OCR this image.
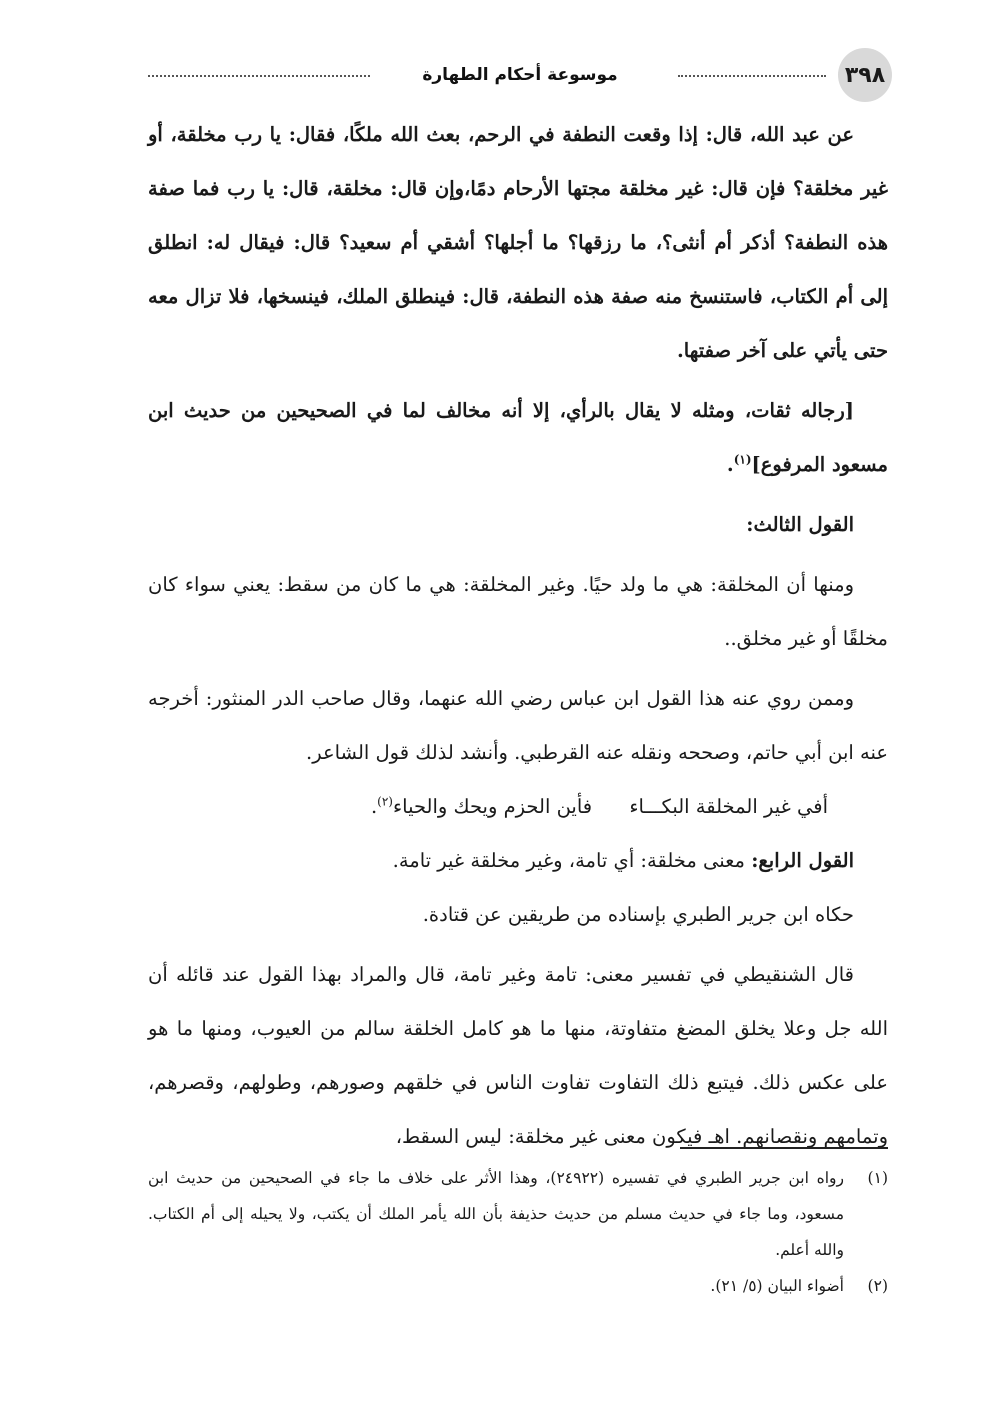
٣٩٨
موسوعة أحكام الطهارة

عن عبد الله، قال: إذا وقعت النطفة في الرحم، بعث الله ملكًا، فقال: يا رب مخلقة، أو غير مخلقة؟ فإن قال: غير مخلقة مجتها الأرحام دمًا،وإن قال: مخلقة، قال: يا رب فما صفة هذه النطفة؟ أذكر أم أنثى؟، ما رزقها؟ ما أجلها؟ أشقي أم سعيد؟ قال: فيقال له: انطلق إلى أم الكتاب، فاستنسخ منه صفة هذه النطفة، قال: فينطلق الملك، فينسخها، فلا تزال معه حتى يأتي على آخر صفتها.

[رجاله ثقات، ومثله لا يقال بالرأي، إلا أنه مخالف لما في الصحيحين من حديث ابن مسعود المرفوع]$^{(١)}$.

القول الثالث:

ومنها أن المخلقة: هي ما ولد حيًا. وغير المخلقة: هي ما كان من سقط: يعني سواء كان مخلقًا أو غير مخلق..

وممن روي عنه هذا القول ابن عباس رضي الله عنهما، وقال صاحب الدر المنثور: أخرجه عنه ابن أبي حاتم، وصححه ونقله عنه القرطبي. وأنشد لذلك قول الشاعر.

أفي غير المخلقة البكـــاء      فأين الحزم ويحك والحياء$^{(٢)}$.

القول الرابع: معنى مخلقة: أي تامة، وغير مخلقة غير تامة.

حكاه ابن جرير الطبري بإسناده من طريقين عن قتادة.

قال الشنقيطي في تفسير معنى: تامة وغير تامة، قال والمراد بهذا القول عند قائله أن الله جل وعلا يخلق المضغ متفاوتة، منها ما هو كامل الخلقة سالم من العيوب، ومنها ما هو على عكس ذلك. فيتبع ذلك التفاوت تفاوت الناس في خلقهم وصورهم، وطولهم، وقصرهم، وتمامهم ونقصانهم. اهـ فيكون معنى غير مخلقة: ليس السقط،

(١)
رواه ابن جرير الطبري في تفسيره (٢٤٩٢٢)، وهذا الأثر على خلاف ما جاء في الصحيحين من حديث ابن مسعود، وما جاء في حديث مسلم من حديث حذيفة بأن الله يأمر الملك أن يكتب، ولا يحيله إلى أم الكتاب. والله أعلم.
(٢)
أضواء البيان (٥/ ٢١).
